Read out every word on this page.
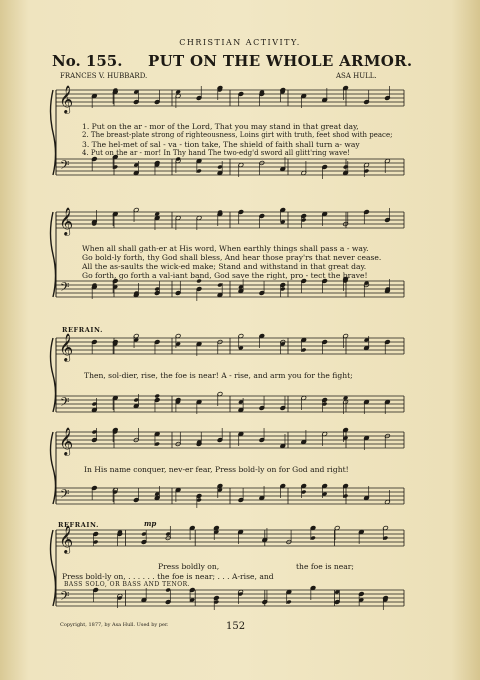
𝄞
𝄢
𝄞
𝄢
𝄞
𝄢
𝄞
𝄢
𝄞
𝄢
CHRISTIAN ACTIVITY.
No. 155. PUT ON THE WHOLE ARMOR.
FRANCES V. HUBBARD.	ASA HULL.
1. Put on the ar - mor of the Lord, That you may stand in that great day,
2. The breast-plate strong of righteousness, Loins girt with truth, feet shod with peace;
3. The hel-met of sal - va - tion take, The shield of faith shall turn a- way
4. Put on the ar - mor! In Thy hand The two-edg'd sword all glitt'ring wave!
When all shall gath-er at His word, When earthly things shall pass a - way.
Go bold-ly forth, thy God shall bless, And hear those pray'rs that never cease.
All the as-saults the wick-ed make; Stand and withstand in that great day.
Go forth, go forth a val-iant band, God save the right, pro - tect the brave!
REFRAIN.
Then, sol-dier, rise, the foe is near! A - rise, and arm you for the fight;
In His name conquer, nev-er fear, Press bold-ly on for God and right!
REFRAIN.	mp
Press boldly on,	the foe is near;
Press bold-ly on, . . . . . . the foe is near; . . . A-rise, and
BASS SOLO, OR BASS AND TENOR.
Copyright, 1877, by Asa Hull. Used by per.	152
